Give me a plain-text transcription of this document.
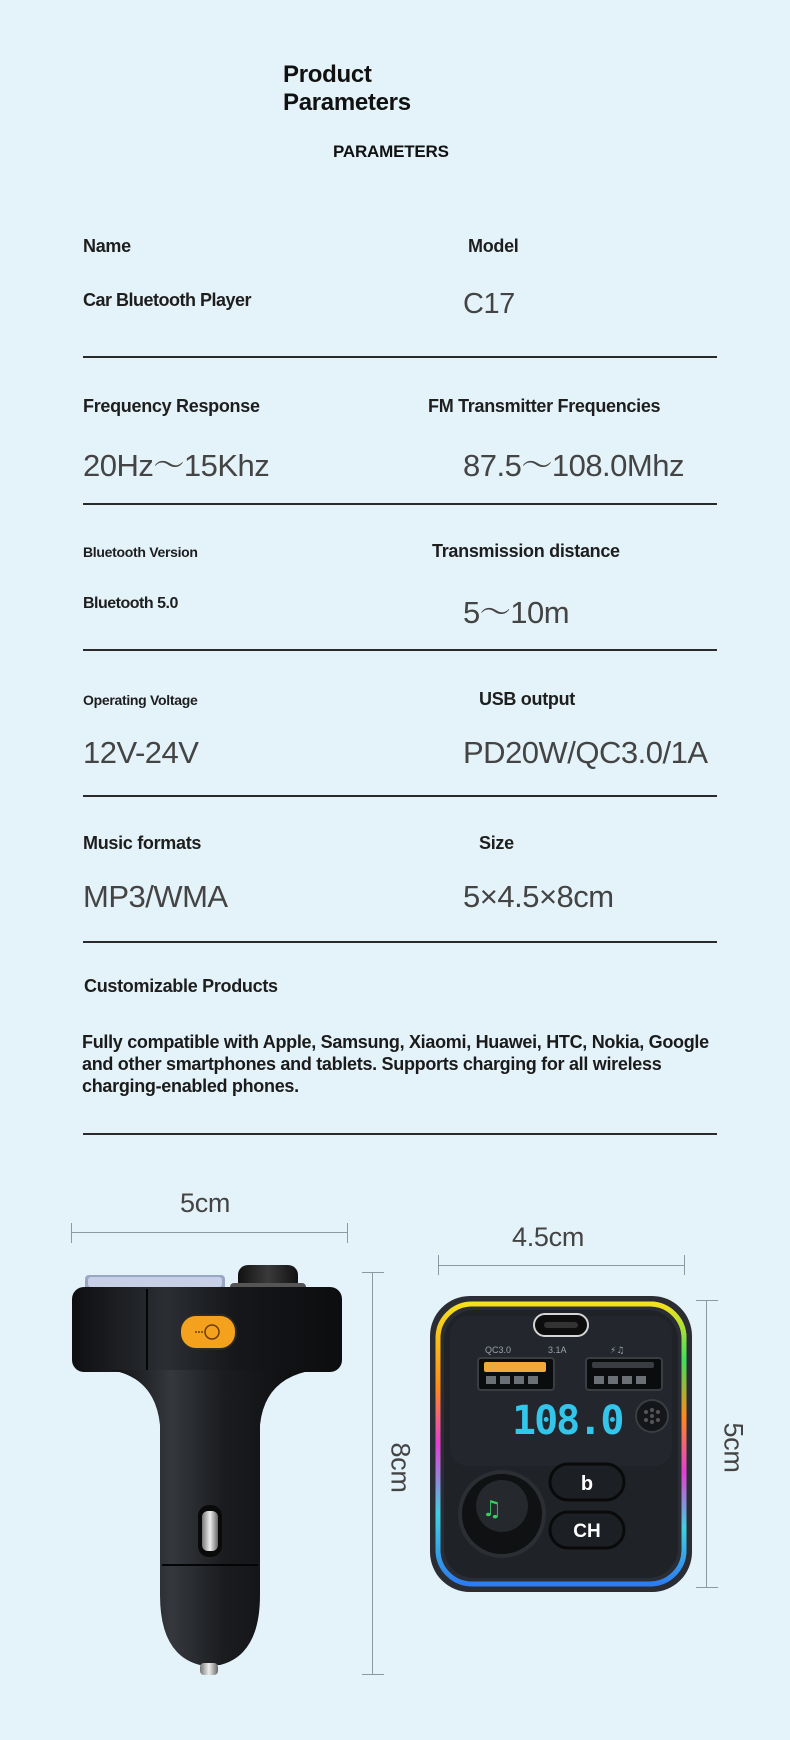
Product
Parameters
PARAMETERS
Name
Car Bluetooth Player
Model
C17
Frequency Response
20Hz～15Khz
FM Transmitter Frequencies
87.5～108.0Mhz
Bluetooth Version
Bluetooth 5.0
Transmission distance
5～10m
Operating Voltage
12V-24V
USB output
PD20W/QC3.0/1A
Music formats
MP3/WMA
Size
5×4.5×8cm
Customizable Products
Fully compatible with Apple, Samsung, Xiaomi, Huawei, HTC, Nokia, Google and other smartphones and tablets. Supports charging for all wireless charging-enabled phones.
5cm
8cm
4.5cm
5cm
QC3.0	3.1A	⚡♫
108.0
♫
b
CH
